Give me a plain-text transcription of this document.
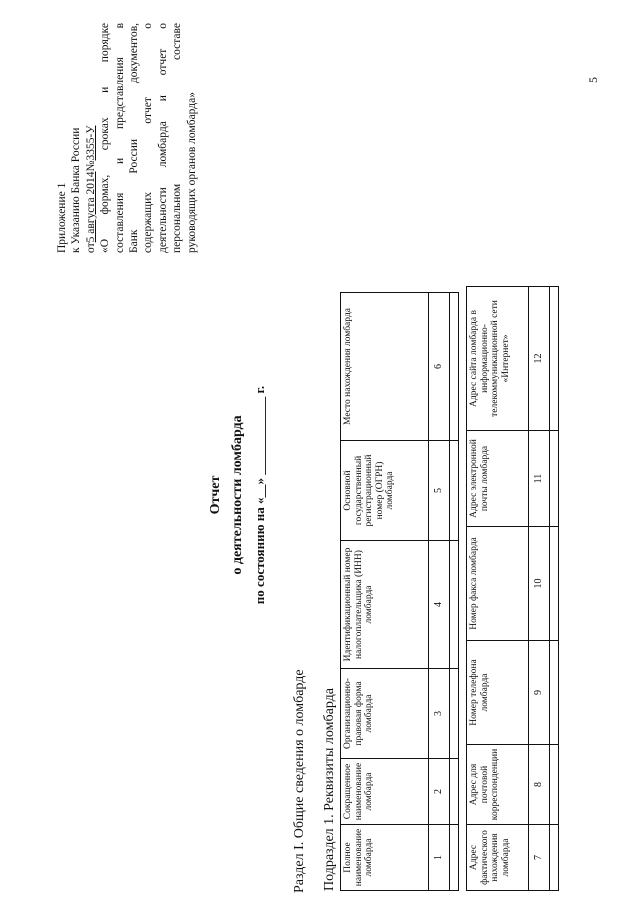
5
Приложение 1 к Указанию Банка России от5 августа 2014№3355-У «О формах, сроках и порядке составления и представления в Банк России документов, содержащих отчет о деятельности ломбарда и отчет о персональном составе руководящих органов ломбарда»
Отчет о деятельности ломбарда по состоянию на «__» ____________ г.
Раздел I. Общие сведения о ломбарде Подраздел 1. Реквизиты ломбарда Полное наименование ломбарда	Сокращенное наименование ломбарда	Организационно-правовая форма ломбарда	Идентификационный номер налогоплательщика (ИНН) ломбарда	Основной государственный регистрационный номер (ОГРН) ломбарда	Место нахождения ломбарда
1	2	3	4	5	6

Адрес фактического нахождения ломбарда	Адрес для почтовой корреспонденции	Номер телефона ломбарда	Номер факса ломбарда	Адрес электронной почты ломбарда	Адрес сайта ломбарда в информационно-телекоммуникационной сети «Интернет»
7	8	9	10	11	12
